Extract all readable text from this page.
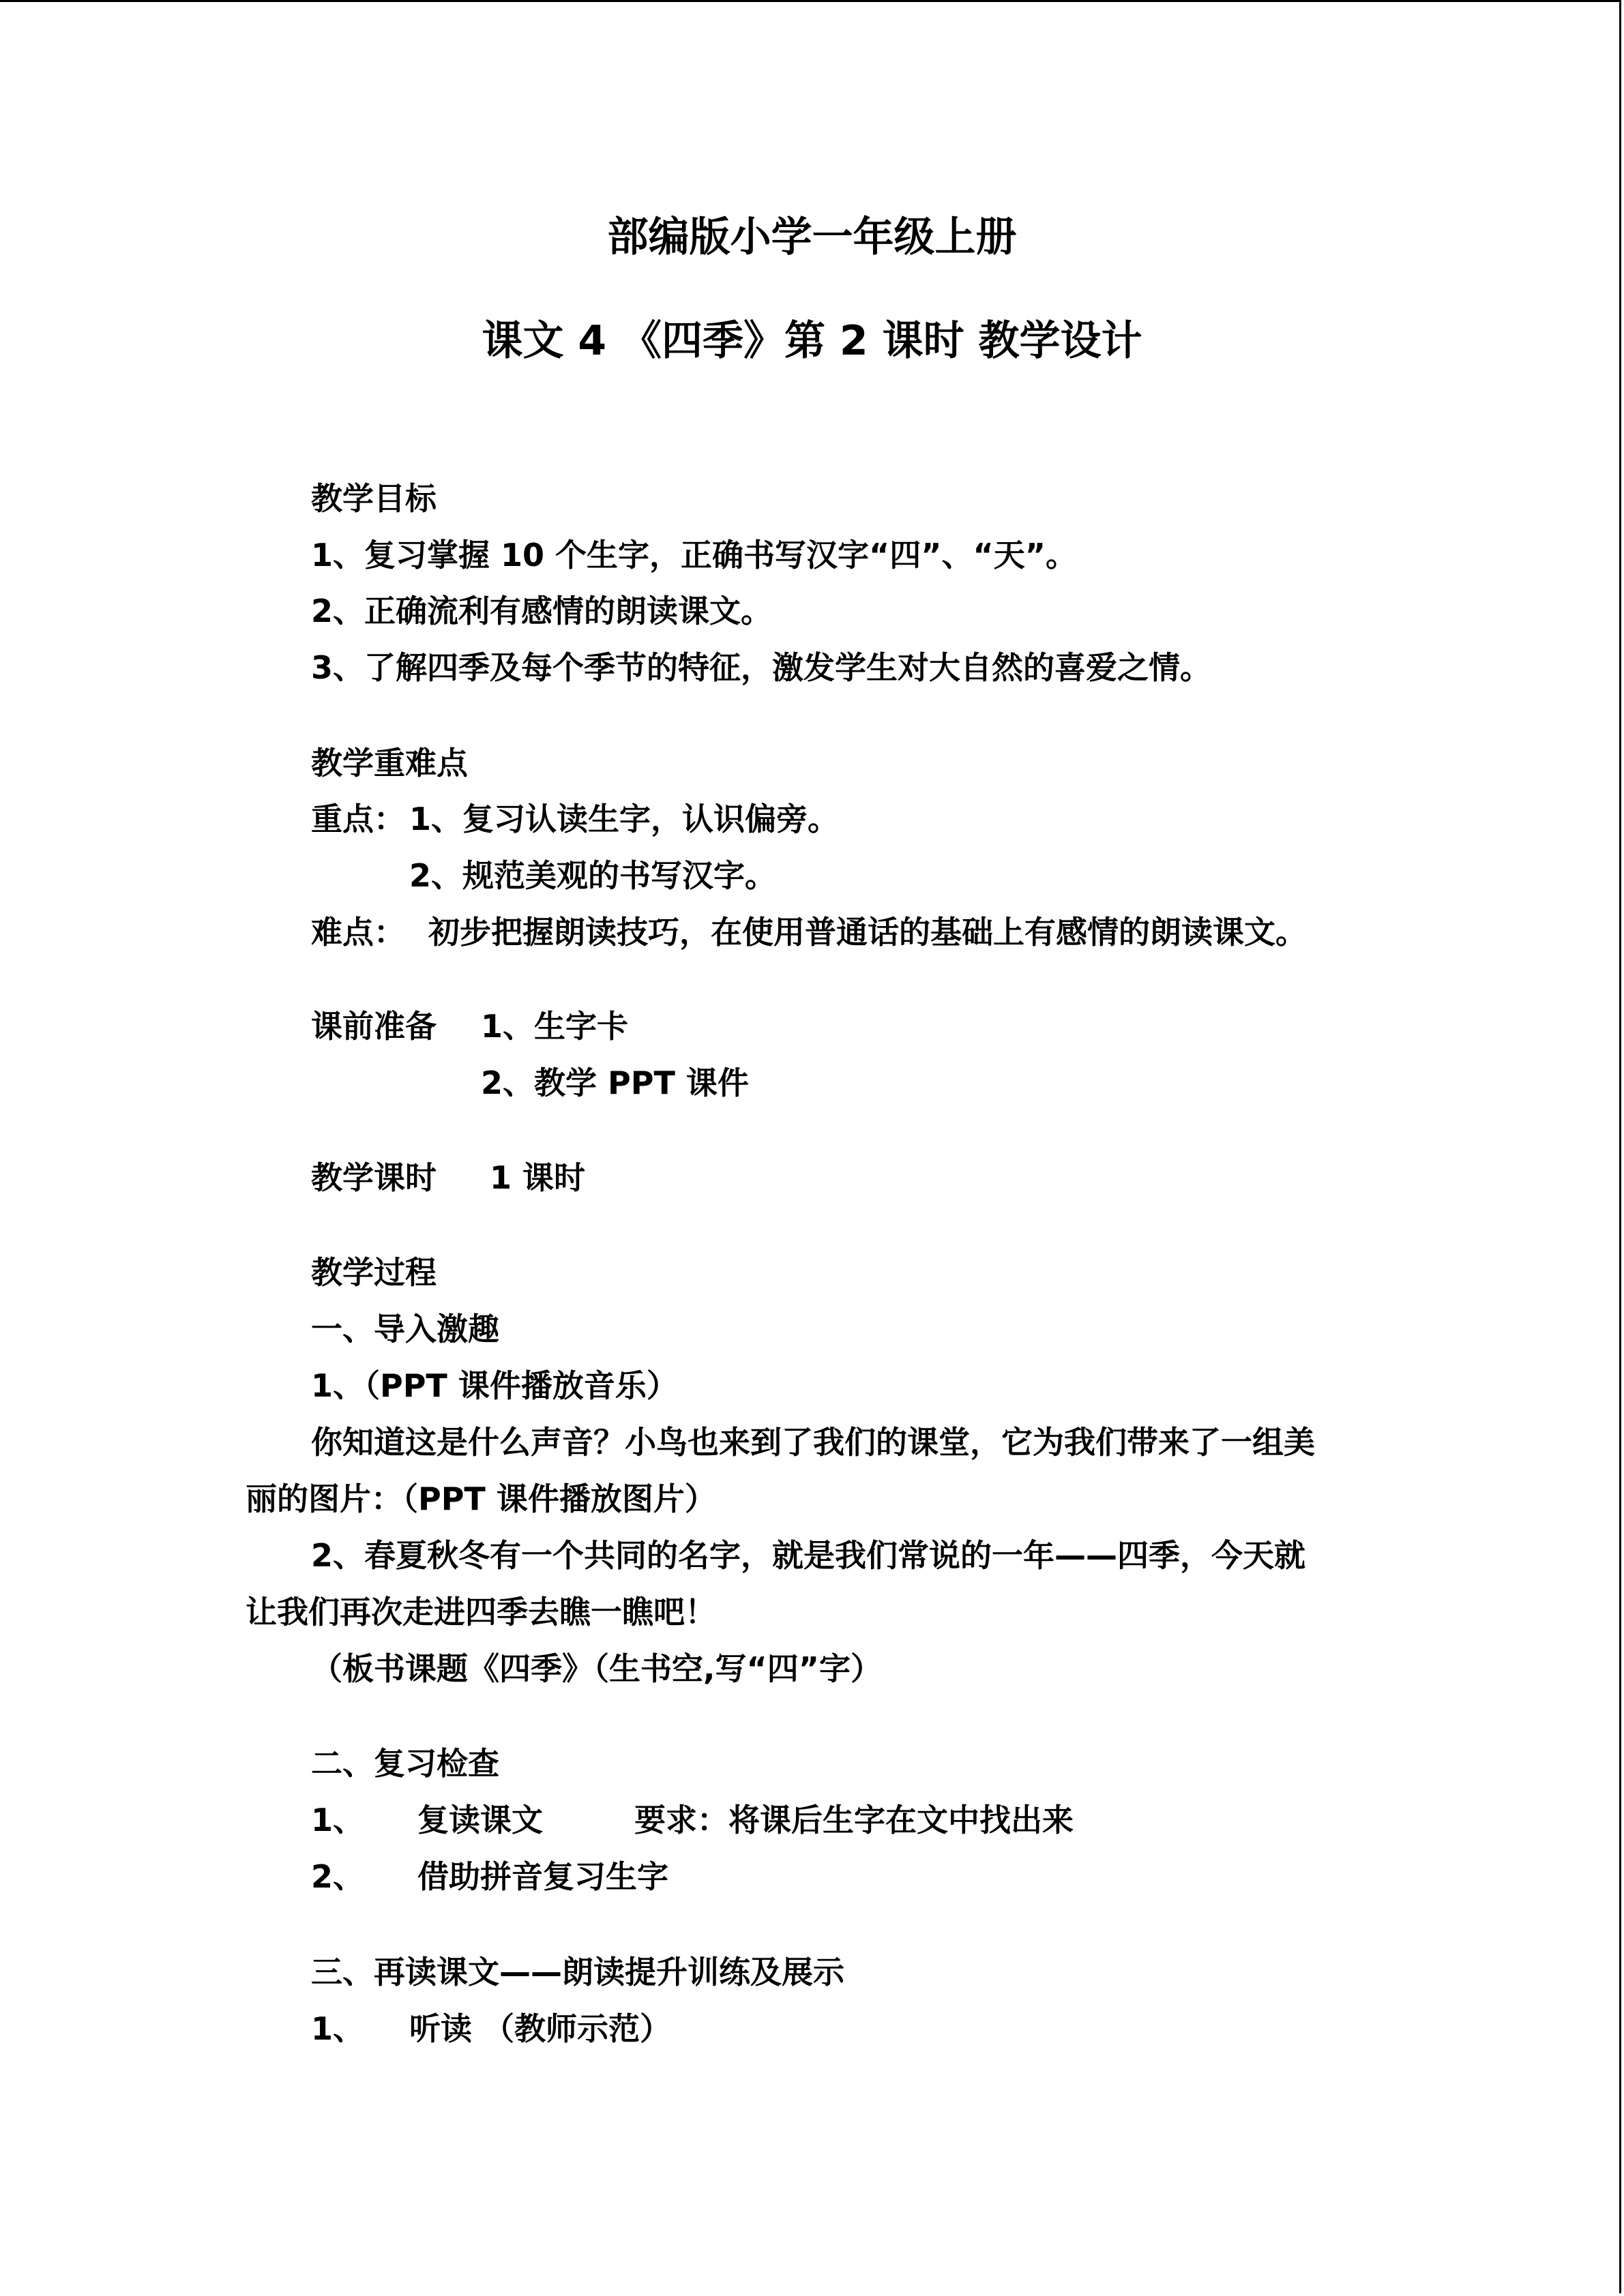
部编版小学一年级上册
课文 4 《四季》第 2 课时 教学设计
教学目标
1、复习掌握 10 个生字，正确书写汉字“四”、“天”。
2、正确流利有感情的朗读课文。
3、了解四季及每个季节的特征，激发学生对大自然的喜爱之情。
教学重难点
重点： 1、复习认读生字，认识偏旁。
2、规范美观的书写汉字。
难点： 初步把握朗读技巧，在使用普通话的基础上有感情的朗读课文。
课前准备 1、生字卡
2、教学 PPT 课件
教学课时 1 课时
教学过程
一、导入激趣
1、（PPT 课件播放音乐）
你知道这是什么声音？小鸟也来到了我们的课堂，它为我们带来了一组美
丽的图片：（PPT 课件播放图片）
2、春夏秋冬有一个共同的名字，就是我们常说的一年——四季，今天就
让我们再次走进四季去瞧一瞧吧！
（板书课题《四季》（生书空,写“四”字）
二、复习检查
1、 复读课文	要求：将课后生字在文中找出来
2、 借助拼音复习生字
三、再读课文——朗读提升训练及展示
1、 听读 （教师示范）
